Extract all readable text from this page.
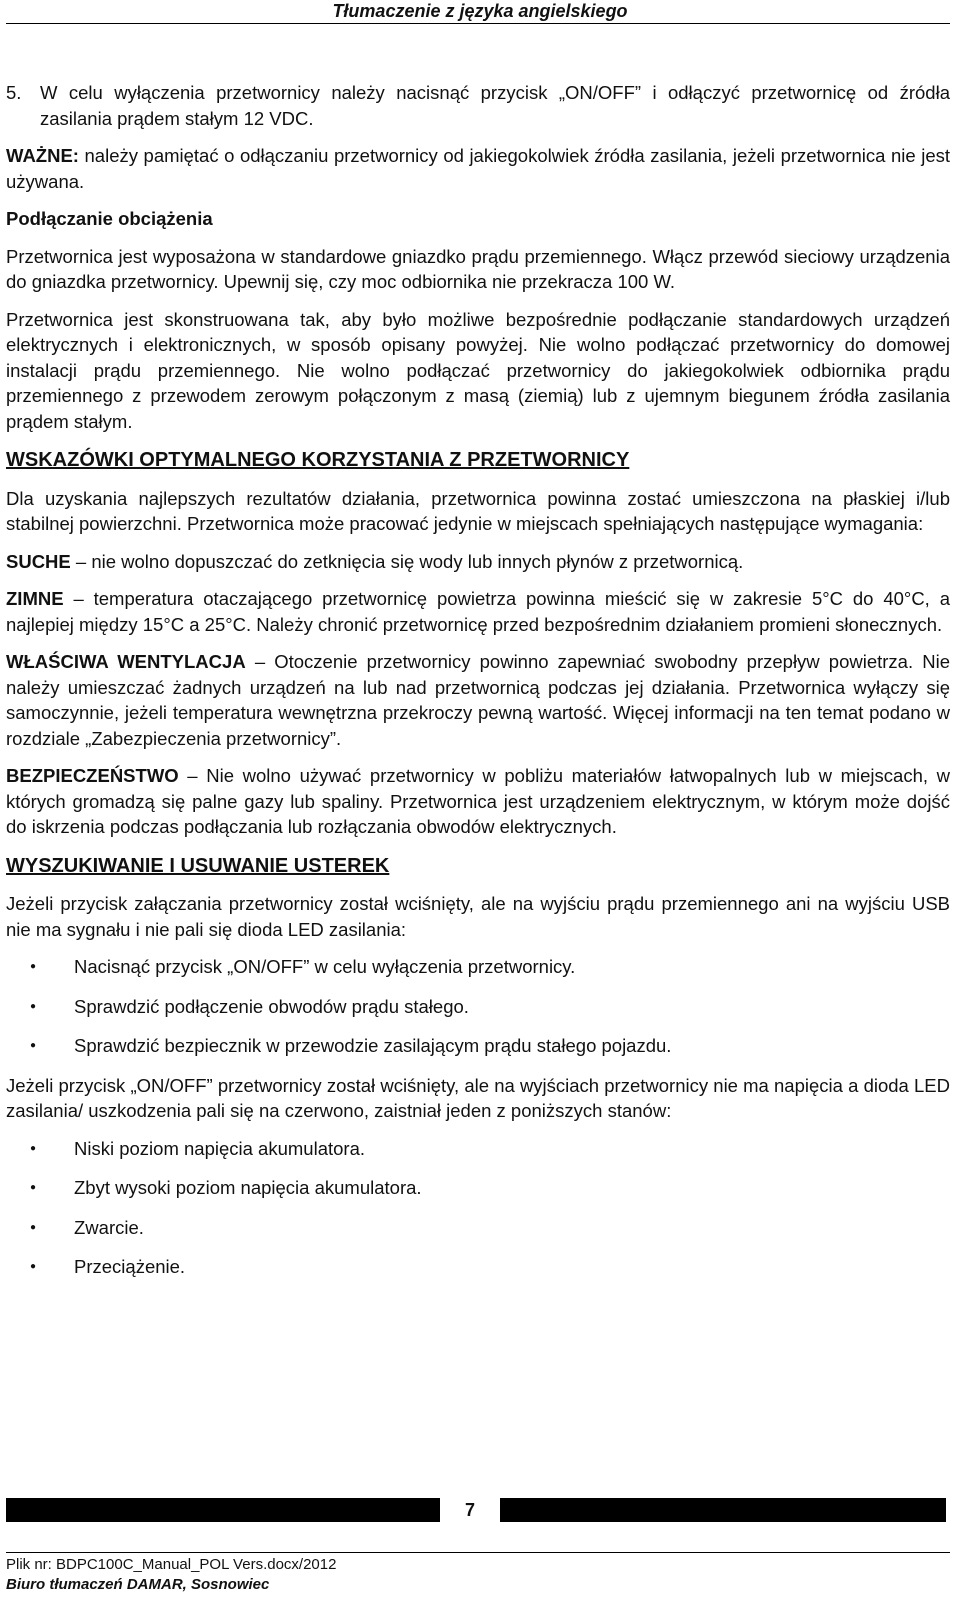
Tłumaczenie z języka angielskiego

5.	W celu wyłączenia przetwornicy należy nacisnąć przycisk „ON/OFF” i odłączyć przetwornicę od źródła zasilania prądem stałym 12 VDC.

WAŻNE: należy pamiętać o odłączaniu przetwornicy od jakiegokolwiek źródła zasilania, jeżeli przetwornica nie jest używana.

Podłączanie obciążenia

Przetwornica jest wyposażona w standardowe gniazdko prądu przemiennego. Włącz przewód sieciowy urządzenia do gniazdka przetwornicy. Upewnij się, czy moc odbiornika nie przekracza 100 W.

Przetwornica jest skonstruowana tak, aby było możliwe bezpośrednie podłączanie standardowych urządzeń elektrycznych i elektronicznych, w sposób opisany powyżej. Nie wolno podłączać przetwornicy do domowej instalacji prądu przemiennego. Nie wolno podłączać przetwornicy do jakiegokolwiek odbiornika prądu przemiennego z przewodem zerowym połączonym z masą (ziemią) lub z ujemnym biegunem źródła zasilania prądem stałym.

WSKAZÓWKI OPTYMALNEGO KORZYSTANIA Z PRZETWORNICY

Dla uzyskania najlepszych rezultatów działania, przetwornica powinna zostać umieszczona na płaskiej i/lub stabilnej powierzchni. Przetwornica może pracować jedynie w miejscach spełniających następujące wymagania:

SUCHE – nie wolno dopuszczać do zetknięcia się wody lub innych płynów z przetwornicą.

ZIMNE – temperatura otaczającego przetwornicę powietrza powinna mieścić się w zakresie 5°C do 40°C, a najlepiej między 15°C a 25°C. Należy chronić przetwornicę przed bezpośrednim działaniem promieni słonecznych.

WŁAŚCIWA WENTYLACJA – Otoczenie przetwornicy powinno zapewniać swobodny przepływ powietrza. Nie należy umieszczać żadnych urządzeń na lub nad przetwornicą podczas jej działania. Przetwornica wyłączy się samoczynnie, jeżeli temperatura wewnętrzna przekroczy pewną wartość. Więcej informacji na ten temat podano w rozdziale „Zabezpieczenia przetwornicy”.

BEZPIECZEŃSTWO – Nie wolno używać przetwornicy w pobliżu materiałów łatwopalnych lub w miejscach, w których gromadzą się palne gazy lub spaliny. Przetwornica jest urządzeniem elektrycznym, w którym może dojść do iskrzenia podczas podłączania lub rozłączania obwodów elektrycznych.

WYSZUKIWANIE I USUWANIE USTEREK

Jeżeli przycisk załączania przetwornicy został wciśnięty, ale na wyjściu prądu przemiennego ani na wyjściu USB nie ma sygnału i nie pali się dioda LED zasilania:

● Nacisnąć przycisk „ON/OFF” w celu wyłączenia przetwornicy.
● Sprawdzić podłączenie obwodów prądu stałego.
● Sprawdzić bezpiecznik w przewodzie zasilającym prądu stałego pojazdu.

Jeżeli przycisk „ON/OFF” przetwornicy został wciśnięty, ale na wyjściach przetwornicy nie ma napięcia a dioda LED zasilania/ uszkodzenia pali się na czerwono, zaistniał jeden z poniższych stanów:

● Niski poziom napięcia akumulatora.
● Zbyt wysoki poziom napięcia akumulatora.
● Zwarcie.
● Przeciążenie.
7
Plik nr: BDPC100C_Manual_POL Vers.docx/2012
Biuro tłumaczeń DAMAR, Sosnowiec
